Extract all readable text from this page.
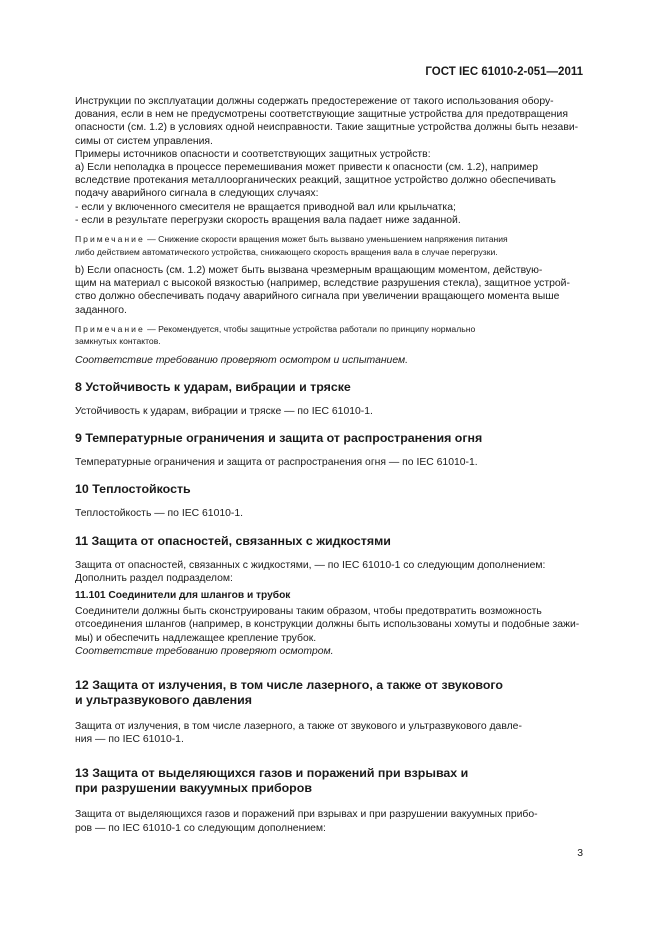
ГОСТ IEC 61010-2-051—2011

Инструкции по эксплуатации должны содержать предостережение от такого использования обору-
дования, если в нем не предусмотрены соответствующие защитные устройства для предотвращения
опасности (см. 1.2) в условиях одной неисправности. Такие защитные устройства должны быть незави-
симы от систем управления.

Примеры источников опасности и соответствующих защитных устройств:

а) Если неполадка в процессе перемешивания может привести к опасности (см. 1.2), например
вследствие протекания металлоорганических реакций, защитное устройство должно обеспечивать
подачу аварийного сигнала в следующих случаях:

- если у включенного смесителя не вращается приводной вал или крыльчатка;
- если в результате перегрузки скорость вращения вала падает ниже заданной.
Примечание — Снижение скорости вращения может быть вызвано уменьшением напряжения питания
либо действием автоматического устройства, снижающего скорость вращения вала в случае перегрузки.

b) Если опасность (см. 1.2) может быть вызвана чрезмерным вращающим моментом, действую-
щим на материал с высокой вязкостью (например, вследствие разрушения стекла), защитное устрой-
ство должно обеспечивать подачу аварийного сигнала при увеличении вращающего момента выше
заданного.

Примечание — Рекомендуется, чтобы защитные устройства работали по принципу нормально
замкнутых контактов.

Соответствие требованию проверяют осмотром и испытанием.

8 Устойчивость к ударам, вибрации и тряске

Устойчивость к ударам, вибрации и тряске — по IEC 61010-1.

9 Температурные ограничения и защита от распространения огня

Температурные ограничения и защита от распространения огня — по IEC 61010-1.

10 Теплостойкость

Теплостойкость — по IEC 61010-1.

11 Защита от опасностей, связанных с жидкостями

Защита от опасностей, связанных с жидкостями, — по IEC 61010-1 со следующим дополнением:
Дополнить раздел подразделом:

11.101 Соединители для шлангов и трубок

Соединители должны быть сконструированы таким образом, чтобы предотвратить возможность
отсоединения шлангов (например, в конструкции должны быть использованы хомуты и подобные зажи-
мы) и обеспечить надлежащее крепление трубок.

Соответствие требованию проверяют осмотром.

12 Защита от излучения, в том числе лазерного, а также от звукового
и ультразвукового давления

Защита от излучения, в том числе лазерного, а также от звукового и ультразвукового давле-
ния — по IEC 61010-1.

13 Защита от выделяющихся газов и поражений при взрывах и
при разрушении вакуумных приборов

Защита от выделяющихся газов и поражений при взрывах и при разрушении вакуумных прибо-
ров — по IEC 61010-1 со следующим дополнением:

3
